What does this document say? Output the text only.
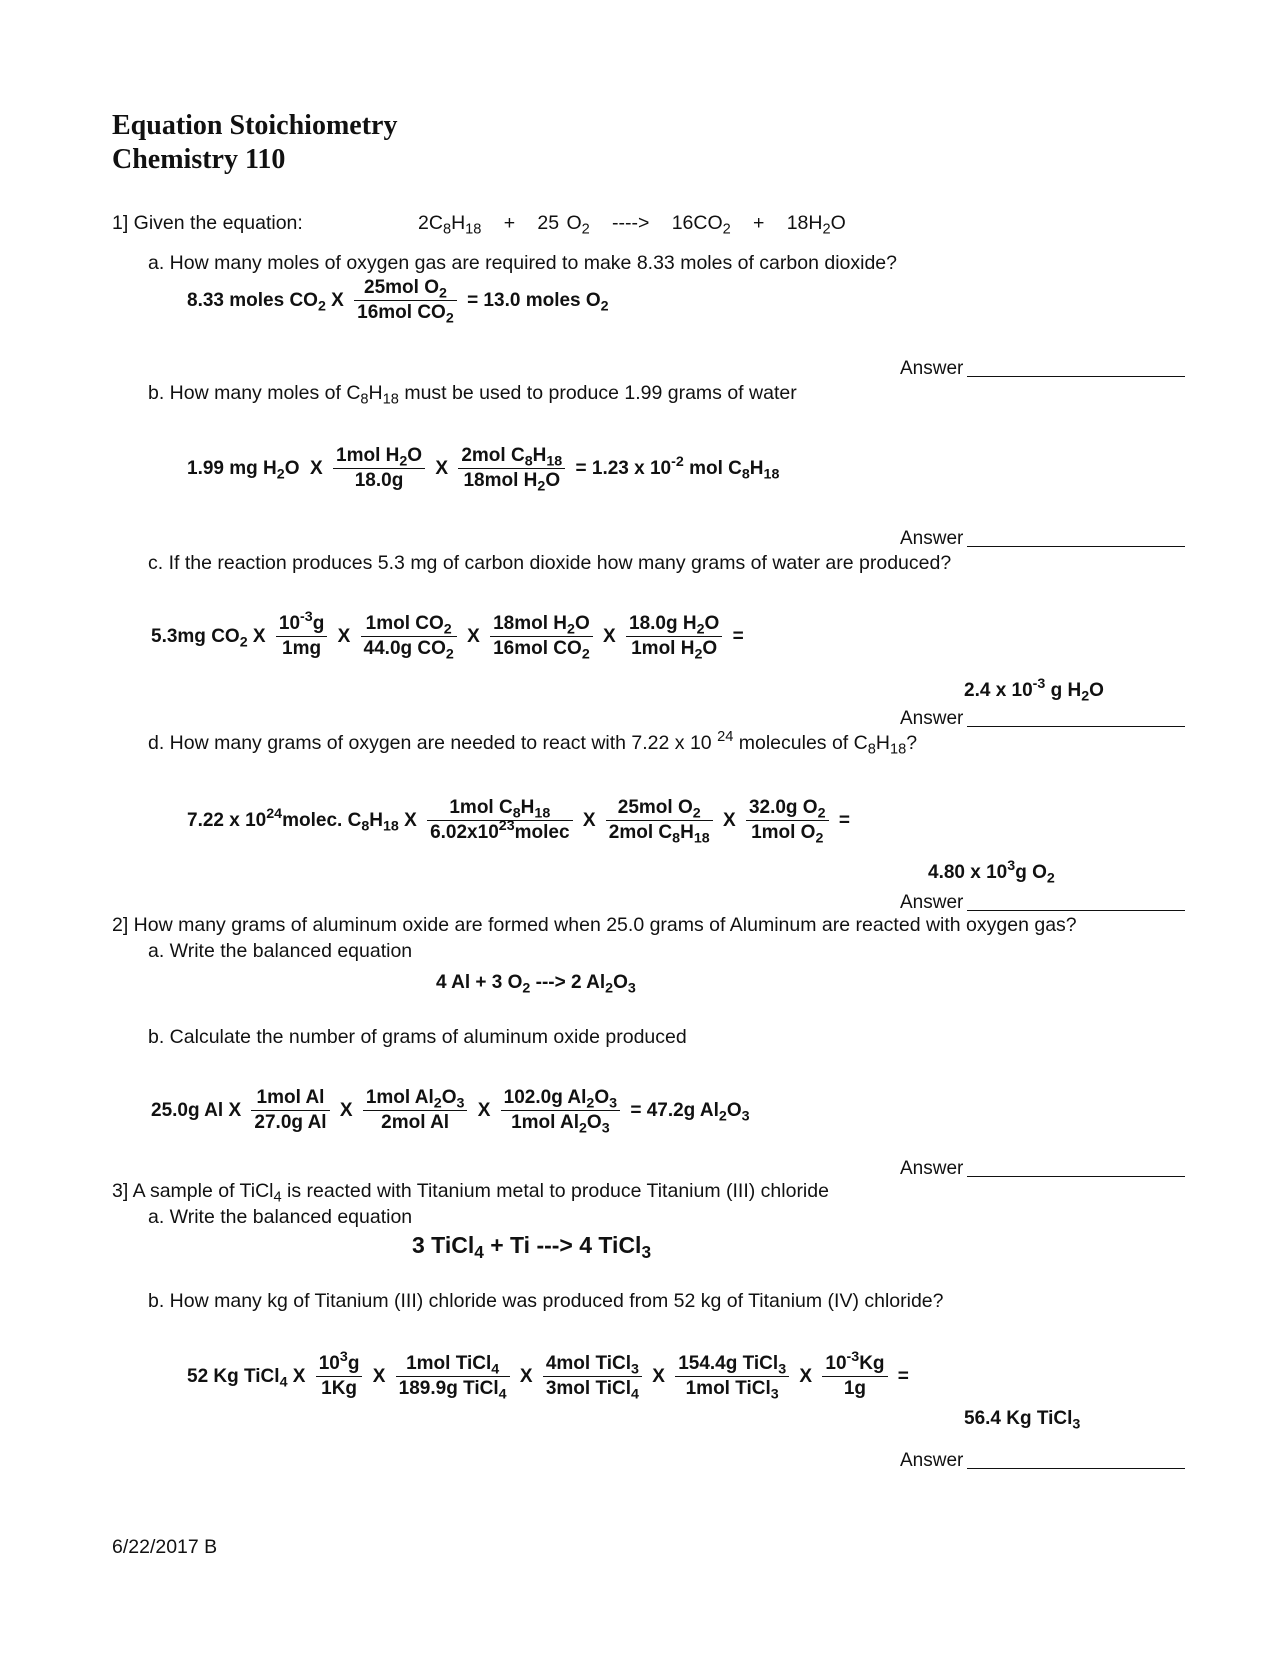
Equation Stoichiometry
Chemistry 110
1] Given the equation:	$2C_8H_{18} + 25$ $O_2$ ----> $16CO_2 + 18H_2O$
a. How many moles of oxygen gas are required to make 8.33 moles of carbon dioxide?
8.33 moles $CO_2$ X $\frac{25mol O_2}{16mol CO_2} = 13.0$ moles $O_2$
Answer
b. How many moles of $C_8H_{18}$ must be used to produce 1.99 grams of water
1.99 mg $H_2O$  X $\frac{1mol H_2O}{18.0g}$ X $\frac{2mol C_8H_{18}}{18mol H_2O} = 1.23$ x $10^{-2}$ mol $C_8H_{18}$
Answer
c. If the reaction produces 5.3 mg of carbon dioxide how many grams of water are produced?
5.3mg $CO_2$ X $\frac{10^{-3}g}{1mg}$ X $\frac{1mol CO_2}{44.0g CO_2}$ X $\frac{18mol H_2O}{16mol CO_2}$ X $\frac{18.0g H_2O}{1mol H_2O}$ =
2.4 x $10^{-3}$ g $H_2O$
Answer
d. How many grams of oxygen are needed to react with 7.22 x 10 $^{24}$ molecules of $C_8H_{18}$?
7.22 x $10^{24}molec$. $C_8H_{18}$ X $\frac{1mol C_8H_{18}}{6.02x10^{23}molec}$ X $\frac{25mol O_2}{2mol C_8H_{18}}$ X $\frac{32.0g O_2}{1mol O_2}$ =
4.80 x $10^3g$ $O_2$
Answer
2] How many grams of aluminum oxide are formed when 25.0 grams of Aluminum are reacted with oxygen gas?
a. Write the balanced equation
4 Al + 3 $O_2$ ---> 2 $Al_2O_3$
b. Calculate the number of grams of aluminum oxide produced
25.0g Al X $\frac{\text{1mol Al}}{\text{27.0g Al}}$ X $\frac{1mol Al_2O_3}{\text{2mol Al}}$ X $\frac{102.0g Al_2O_3}{1mol Al_2O_3} = 47.2g$ $Al_2O_3$
Answer
3] A sample of TiCl$_4$ is reacted with Titanium metal to produce Titanium (III) chloride
a. Write the balanced equation
3 TiCl$_4$ + Ti ---> 4 TiCl$_3$
b. How many kg of Titanium (III) chloride was produced from 52 kg of Titanium (IV) chloride?
52 Kg TiCl$_4$ X $\frac{10^3g}{1Kg}$ X $\frac{1mol TiCl_4}{189.9g TiCl_4}$ X $\frac{4mol TiCl_3}{3mol TiCl_4}$ X $\frac{154.4g TiCl_3}{1mol TiCl_3}$ X $\frac{10^{-3}Kg}{1g}$ =
56.4 Kg TiCl$_3$
Answer
6/22/2017 B
